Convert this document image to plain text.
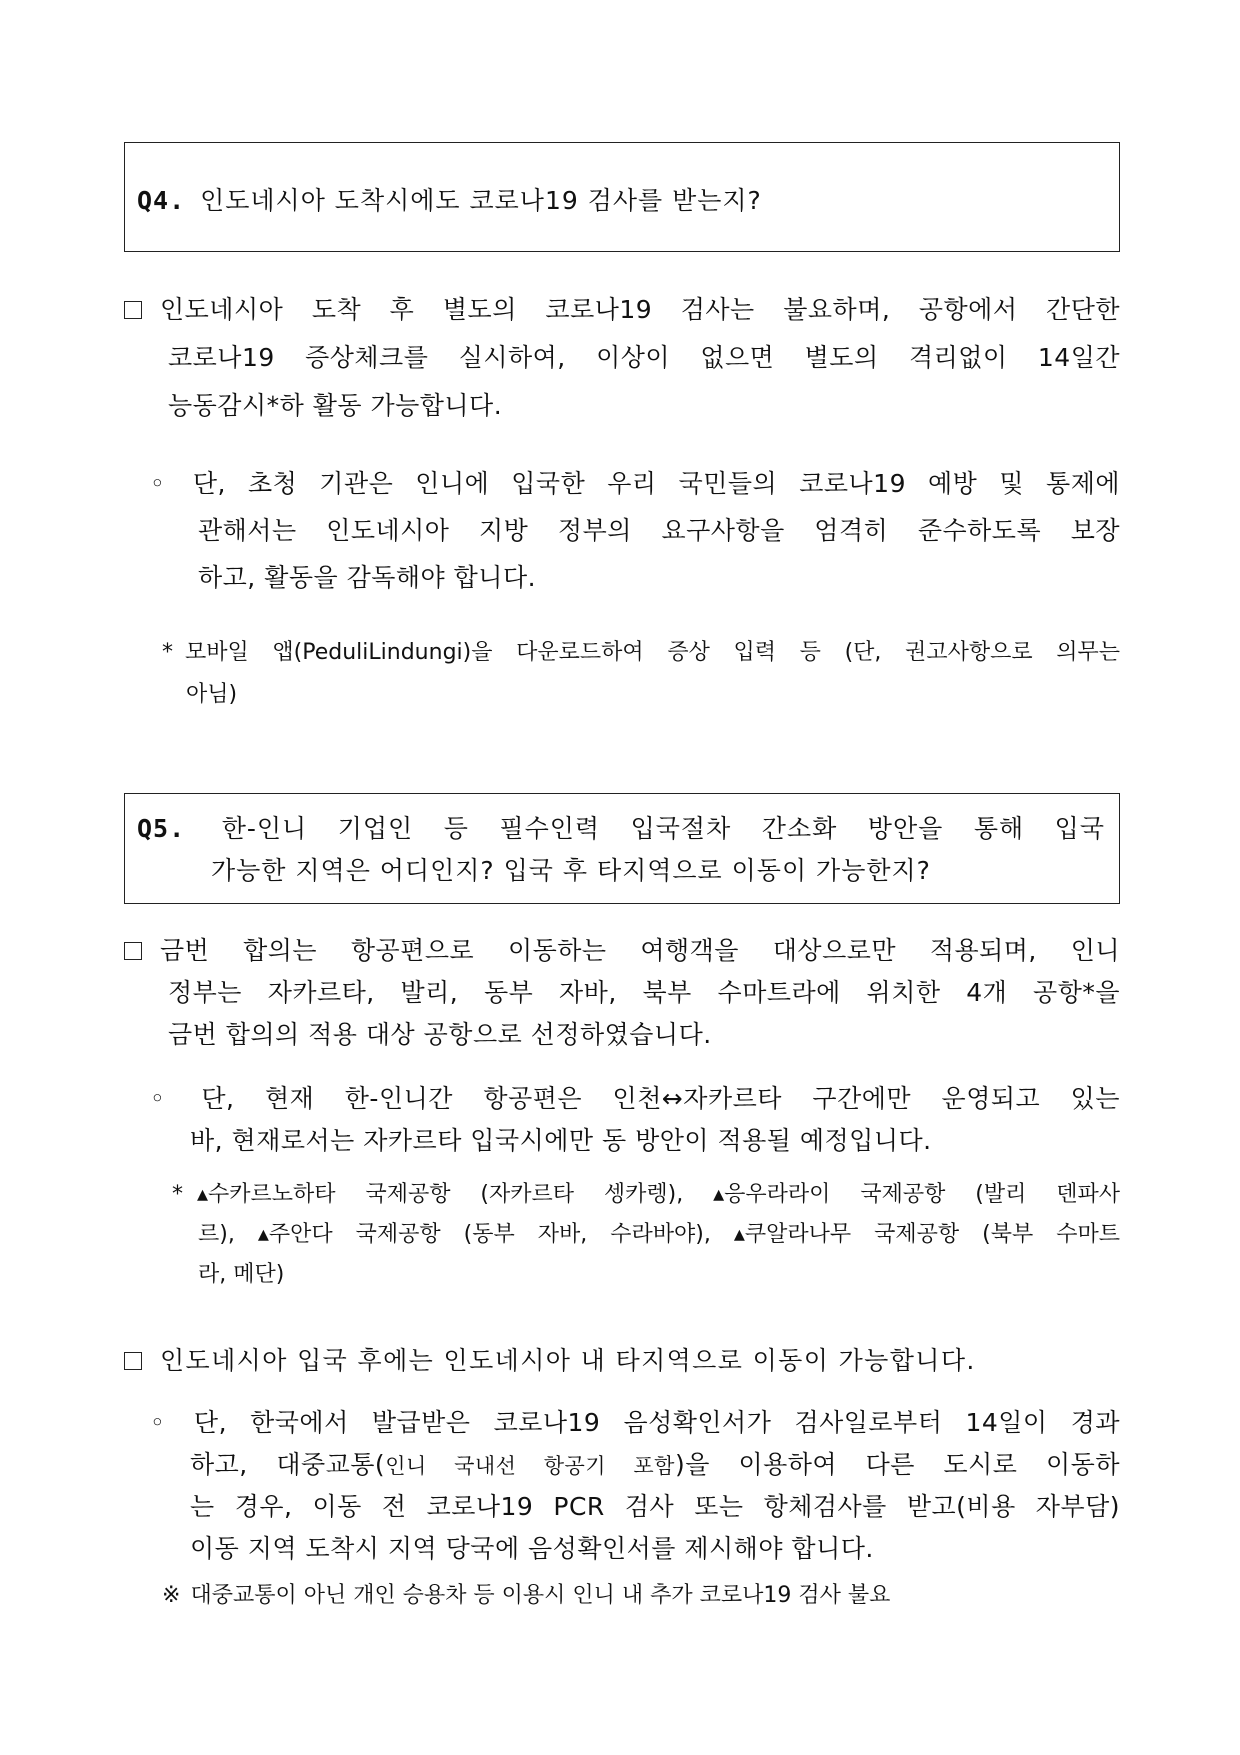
Q4. 인도네시아 도착시에도 코로나19 검사를 받는지?
인도네시아 도착 후 별도의 코로나19 검사는 불요하며, 공항에서 간단한
코로나19 증상체크를 실시하여, 이상이 없으면 별도의 격리없이 14일간
능동감시*하 활동 가능합니다.
◦ 단, 초청 기관은 인니에 입국한 우리 국민들의 코로나19 예방 및 통제에
관해서는 인도네시아 지방 정부의 요구사항을 엄격히 준수하도록 보장
하고, 활동을 감독해야 합니다.
* 모바일 앱(PeduliLindungi)을 다운로드하여 증상 입력 등 (단, 권고사항으로 의무는
아님)
Q5. 한-인니 기업인 등 필수인력 입국절차 간소화 방안을 통해 입국
가능한 지역은 어디인지? 입국 후 타지역으로 이동이 가능한지?
금번 합의는 항공편으로 이동하는 여행객을 대상으로만 적용되며, 인니
정부는 자카르타, 발리, 동부 자바, 북부 수마트라에 위치한 4개 공항*을
금번 합의의 적용 대상 공항으로 선정하였습니다.
◦ 단, 현재 한-인니간 항공편은 인천↔자카르타 구간에만 운영되고 있는
바, 현재로서는 자카르타 입국시에만 동 방안이 적용될 예정입니다.
* ▴수카르노하타 국제공항 (자카르타 셍카렝), ▴응우라라이 국제공항 (발리 덴파사
르), ▴주안다 국제공항 (동부 자바, 수라바야), ▴쿠알라나무 국제공항 (북부 수마트
라, 메단)
인도네시아 입국 후에는 인도네시아 내 타지역으로 이동이 가능합니다.
◦ 단, 한국에서 발급받은 코로나19 음성확인서가 검사일로부터 14일이 경과
하고, 대중교통(인니 국내선 항공기 포함)을 이용하여 다른 도시로 이동하
는 경우, 이동 전 코로나19 PCR 검사 또는 항체검사를 받고(비용 자부담)
이동 지역 도착시 지역 당국에 음성확인서를 제시해야 합니다.
※ 대중교통이 아닌 개인 승용차 등 이용시 인니 내 추가 코로나19 검사 불요
